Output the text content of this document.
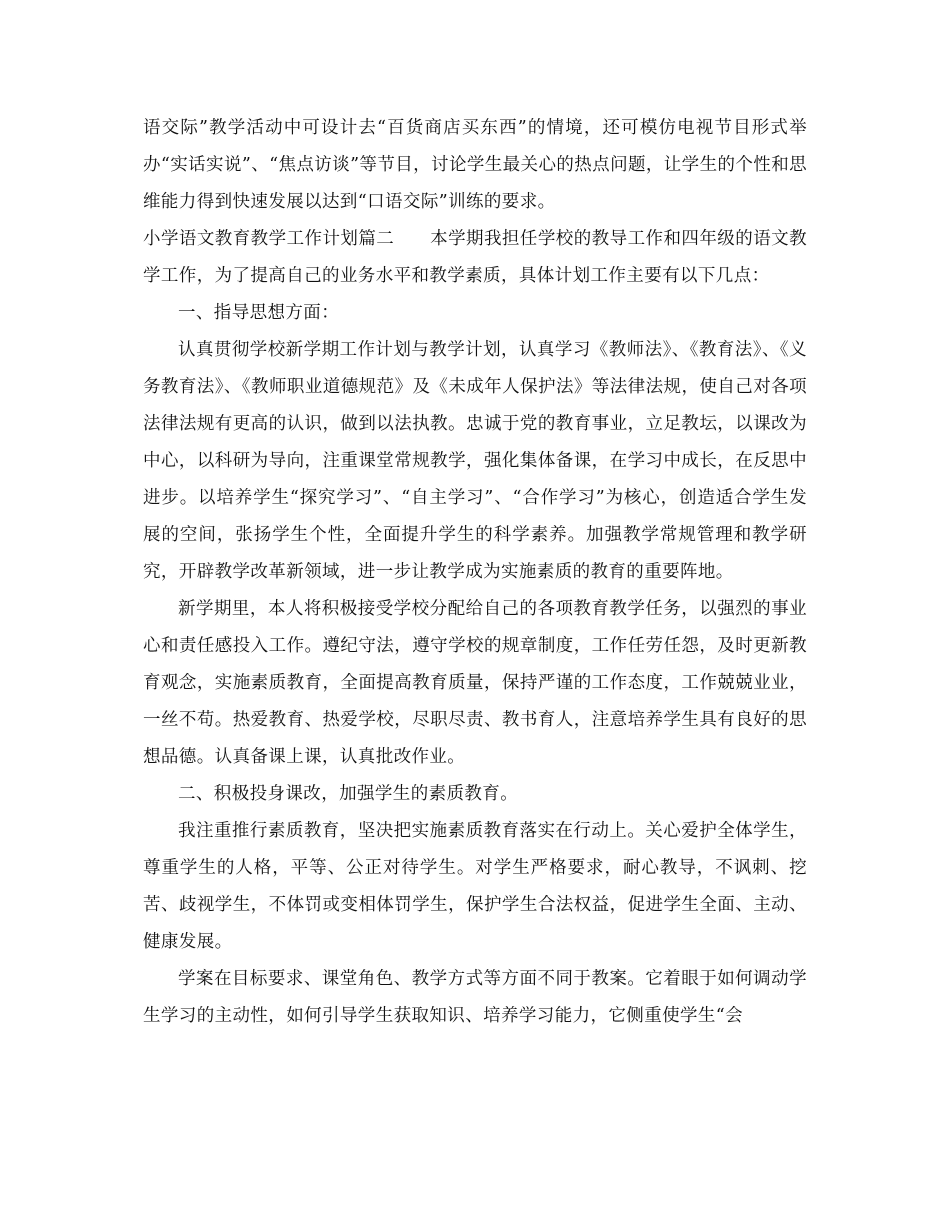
语交际”教学活动中可设计去“百货商店买东西”的情境，还可模仿电视节目形式举办“实话实说”、“焦点访谈”等节目，讨论学生最关心的热点问题，让学生的个性和思维能力得到快速发展以达到“口语交际”训练的要求。

小学语文教育教学工作计划篇二　　本学期我担任学校的教导工作和四年级的语文教学工作，为了提高自己的业务水平和教学素质，具体计划工作主要有以下几点：

一、指导思想方面：

认真贯彻学校新学期工作计划与教学计划，认真学习《教师法》、《教育法》、《义务教育法》、《教师职业道德规范》及《未成年人保护法》等法律法规，使自己对各项法律法规有更高的认识，做到以法执教。忠诚于党的教育事业，立足教坛，以课改为中心，以科研为导向，注重课堂常规教学，强化集体备课，在学习中成长，在反思中进步。以培养学生“探究学习”、“自主学习”、“合作学习”为核心，创造适合学生发展的空间，张扬学生个性，全面提升学生的科学素养。加强教学常规管理和教学研究，开辟教学改革新领域，进一步让教学成为实施素质的教育的重要阵地。

新学期里，本人将积极接受学校分配给自己的各项教育教学任务，以强烈的事业心和责任感投入工作。遵纪守法，遵守学校的规章制度，工作任劳任怨，及时更新教育观念，实施素质教育，全面提高教育质量，保持严谨的工作态度，工作兢兢业业，一丝不苟。热爱教育、热爱学校，尽职尽责、教书育人，注意培养学生具有良好的思想品德。认真备课上课，认真批改作业。

二、积极投身课改，加强学生的素质教育。

我注重推行素质教育，坚决把实施素质教育落实在行动上。关心爱护全体学生，尊重学生的人格，平等、公正对待学生。对学生严格要求，耐心教导，不讽刺、挖苦、歧视学生，不体罚或变相体罚学生，保护学生合法权益，促进学生全面、主动、健康发展。

学案在目标要求、课堂角色、教学方式等方面不同于教案。它着眼于如何调动学生学习的主动性，如何引导学生获取知识、培养学习能力，它侧重使学生“会
